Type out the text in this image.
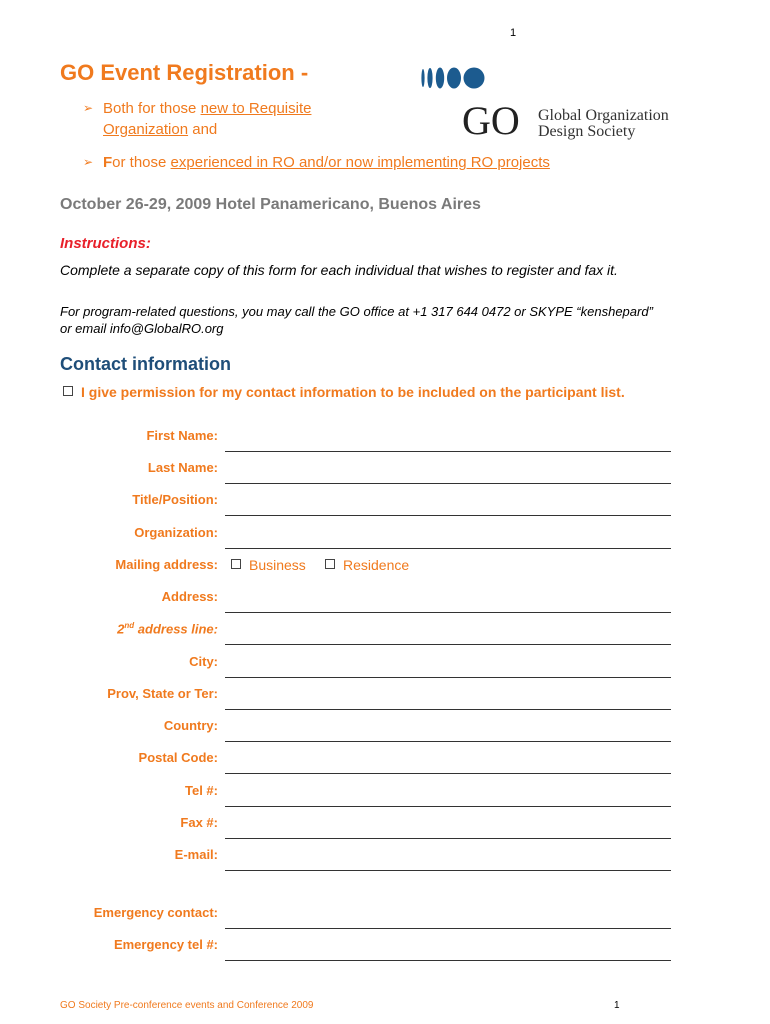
1
GO Event Registration -
➢ Both for those new to Requisite Organization and
➢ For those experienced in RO and/or now implementing RO projects
GO Global Organization
Design Society
October 26-29, 2009 Hotel Panamericano, Buenos Aires
Instructions:
Complete a separate copy of this form for each individual that wishes to register and fax it.
For program-related questions, you may call the GO office at +1 317 644 0472 or SKYPE “kenshepard” or email info@GlobalRO.org
Contact information
I give permission for my contact information to be included on the participant list.
First Name:
Last Name:
Title/Position:
Organization:
Mailing address:	Business	Residence
Address:
2nd address line:
City:
Prov, State or Ter:
Country:
Postal Code:
Tel #:
Fax #:
E-mail:
Emergency contact:
Emergency tel #:
GO Society Pre-conference events and Conference 2009	1
